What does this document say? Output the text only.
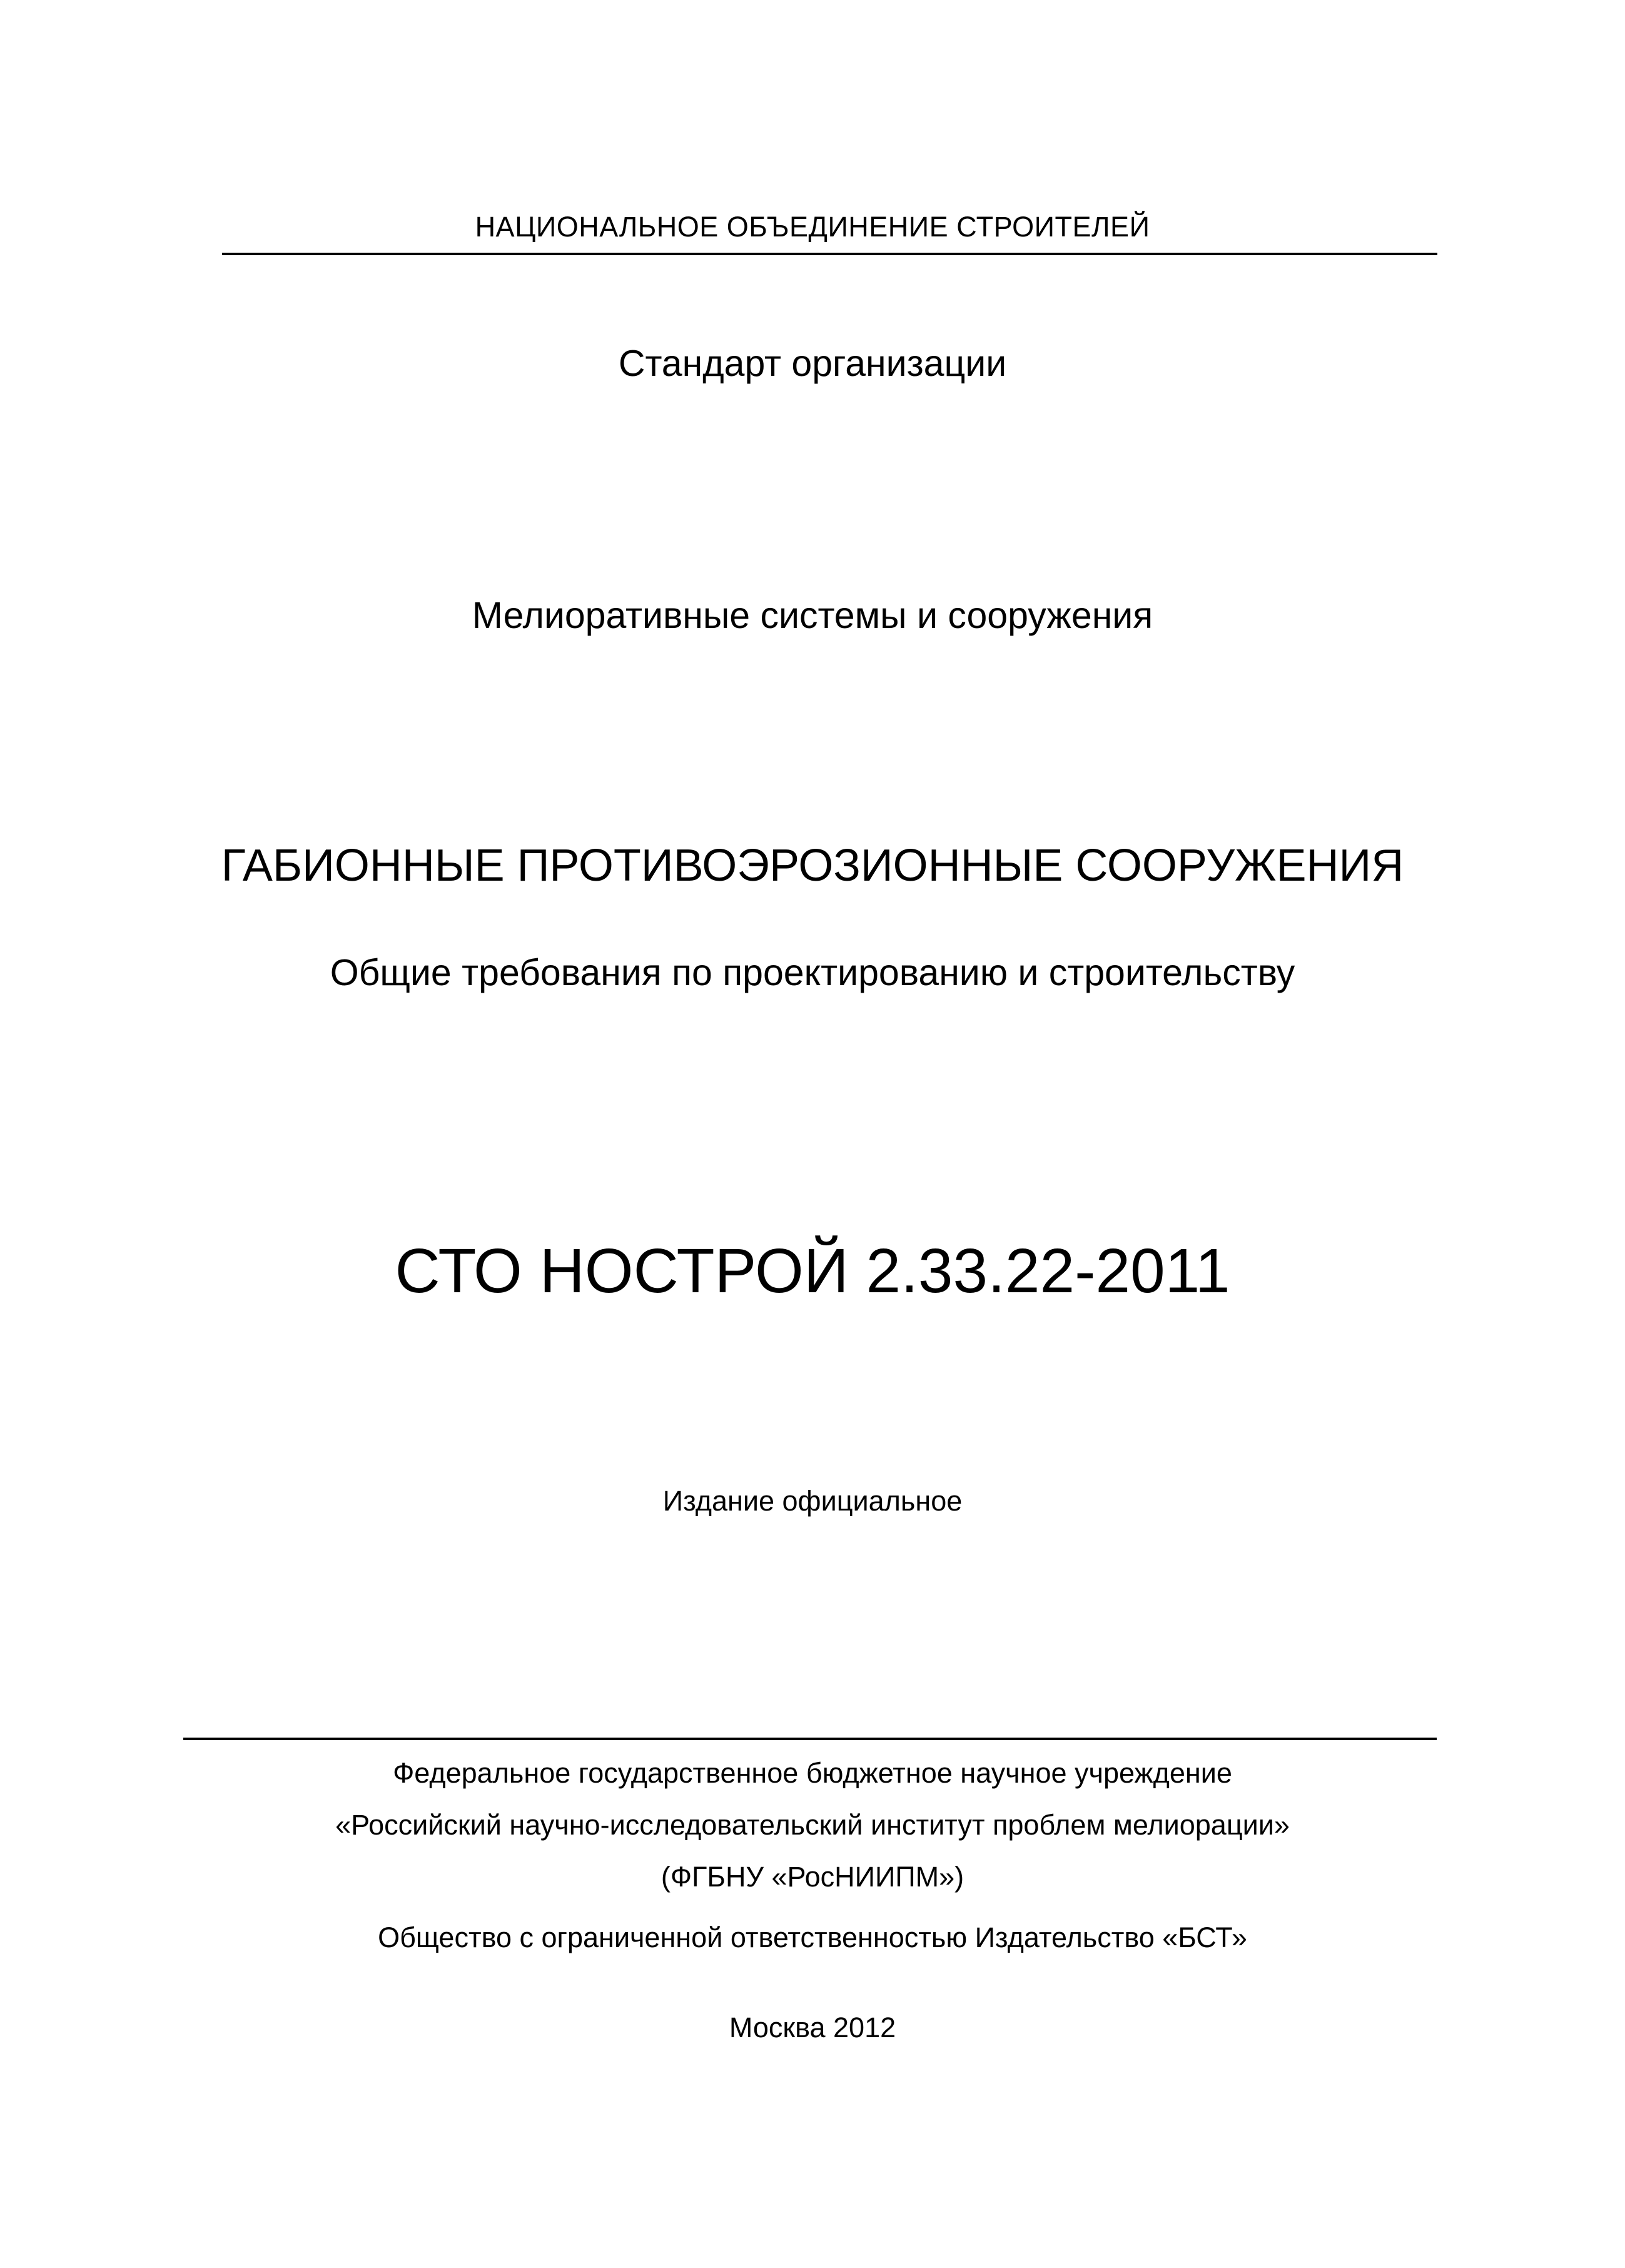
НАЦИОНАЛЬНОЕ ОБЪЕДИНЕНИЕ СТРОИТЕЛЕЙ
Стандарт организации
Мелиоративные системы и сооружения
ГАБИОННЫЕ ПРОТИВОЭРОЗИОННЫЕ СООРУЖЕНИЯ
Общие требования по проектированию и строительству
СТО НОСТРОЙ 2.33.22-2011
Издание официальное
Федеральное государственное бюджетное научное учреждение
«Российский научно-исследовательский институт проблем мелиорации»
(ФГБНУ «РосНИИПМ»)
Общество с ограниченной ответственностью Издательство «БСТ»
Москва 2012
